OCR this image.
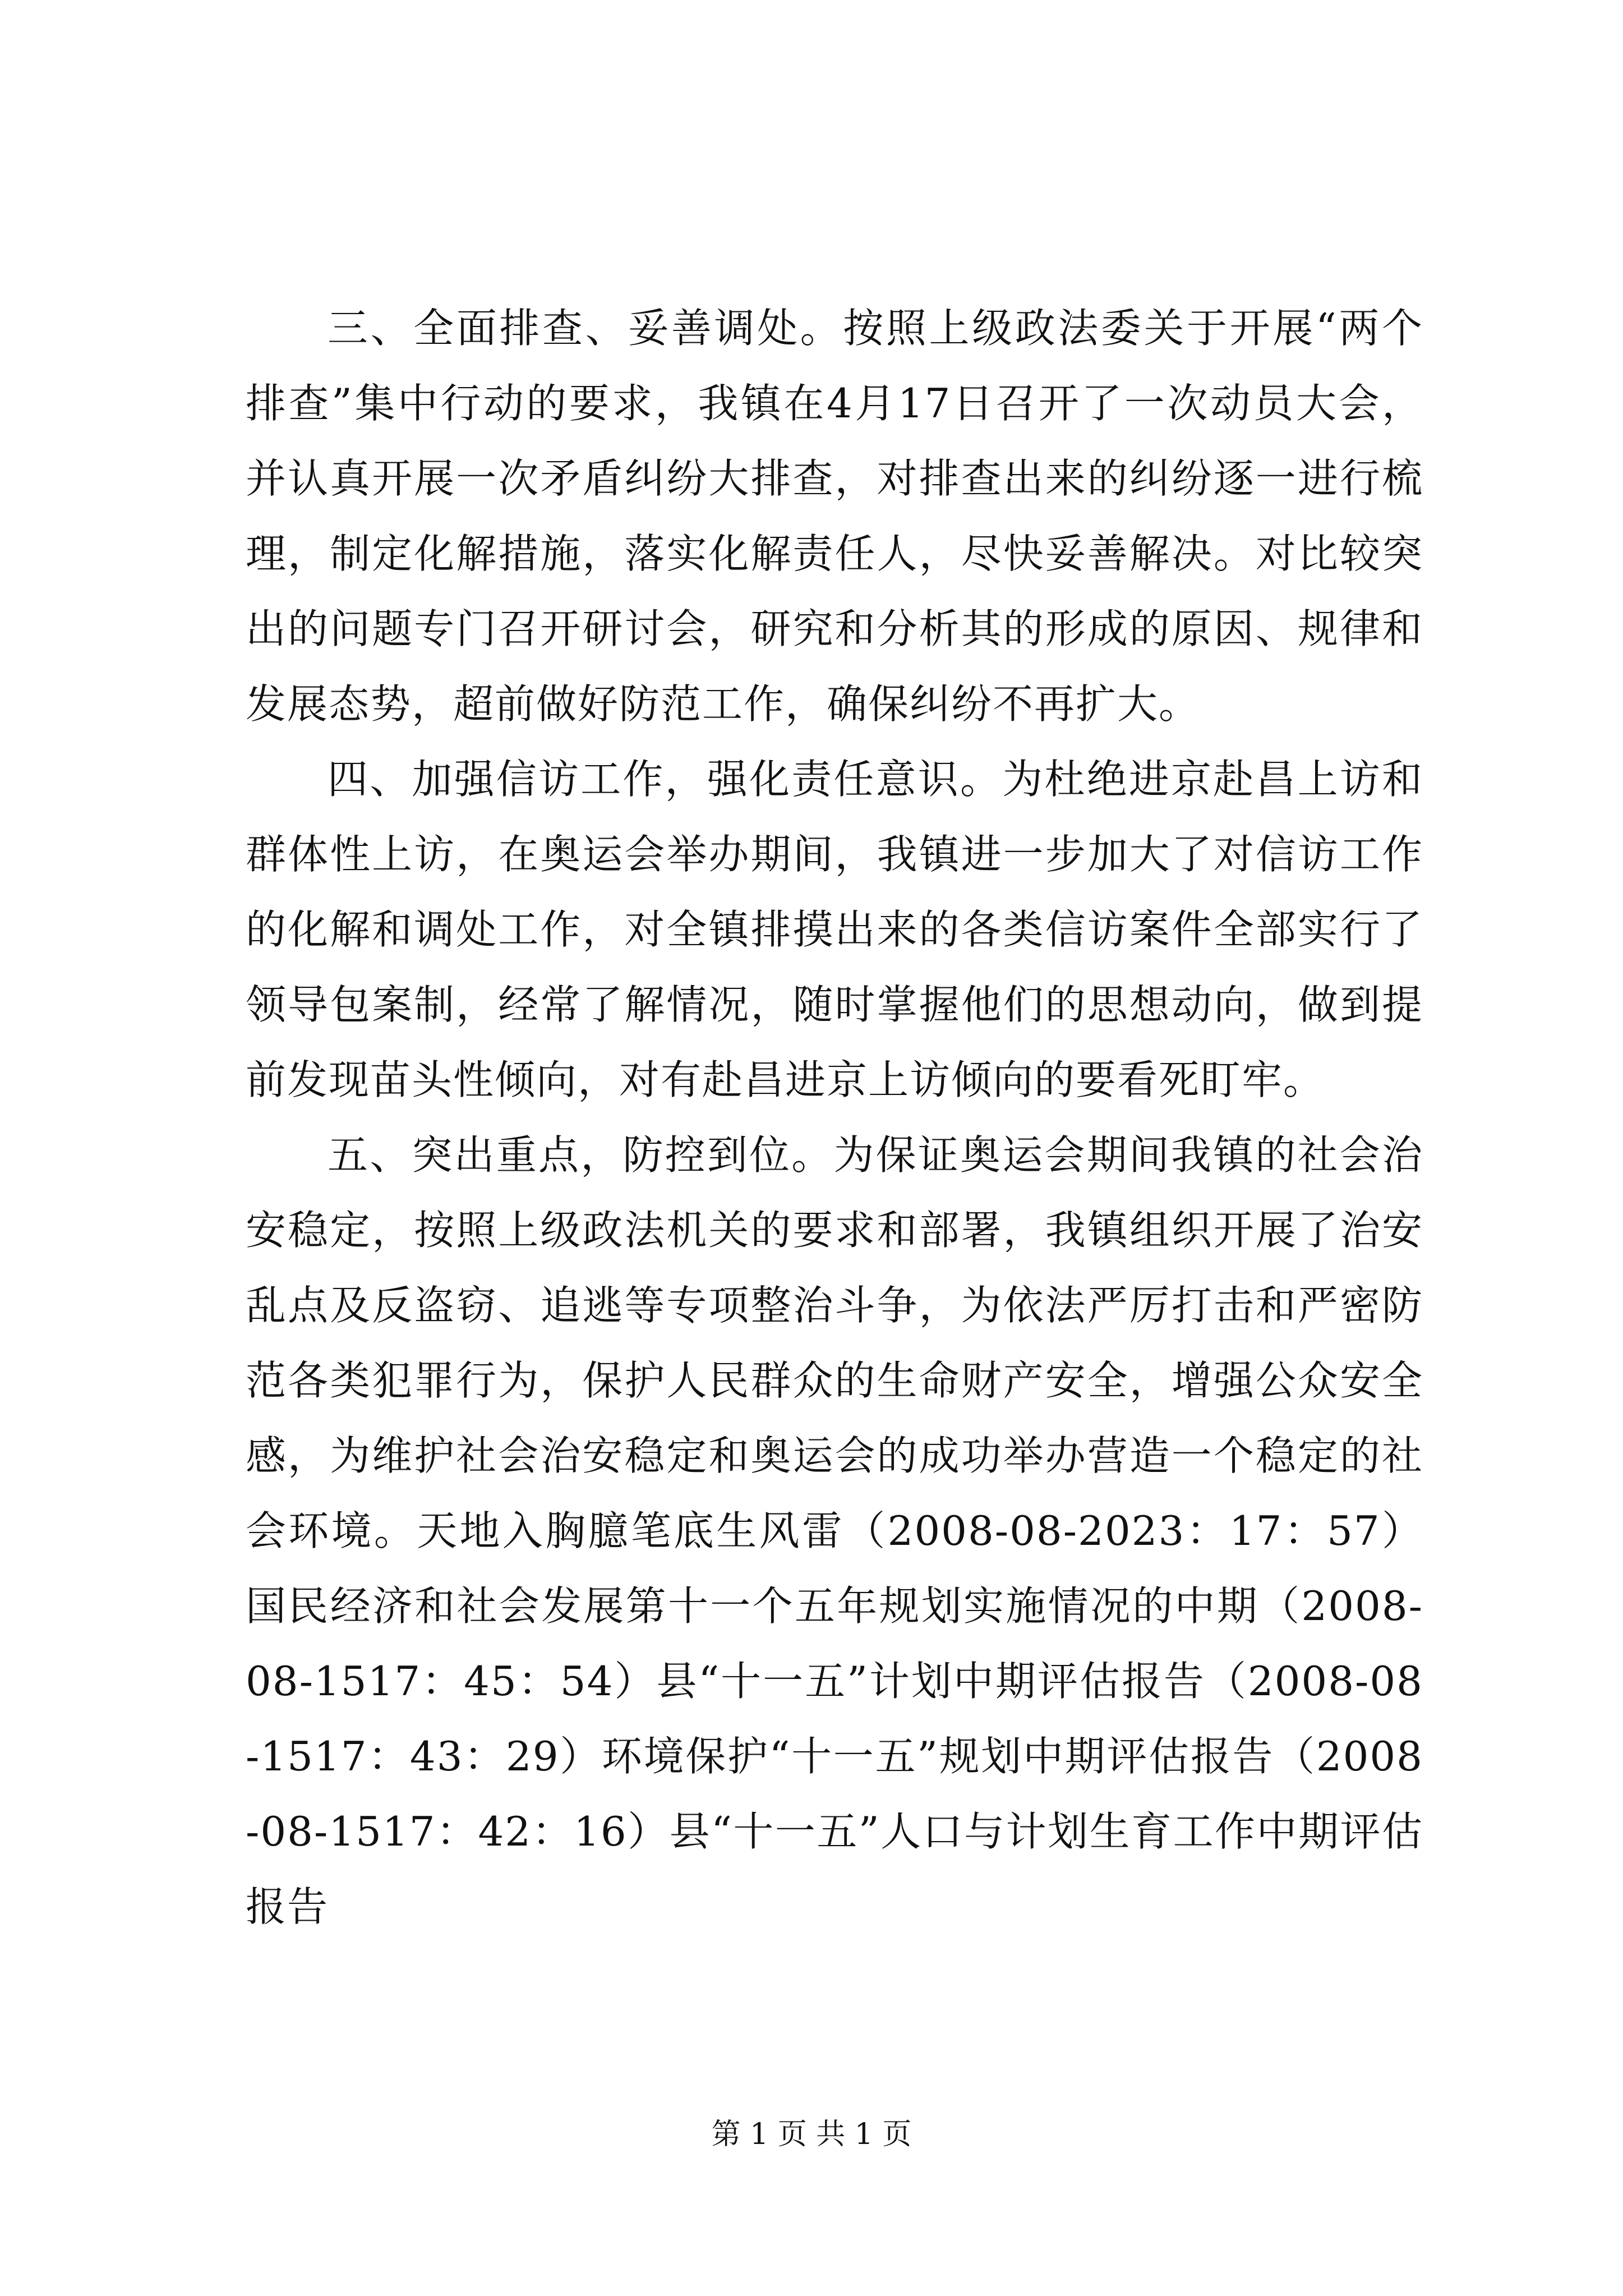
三、全面排查、妥善调处。按照上级政法委关于开展“两个排查”集中行动的要求，我镇在4月17日召开了一次动员大会，并认真开展一次矛盾纠纷大排查，对排查出来的纠纷逐一进行梳理，制定化解措施，落实化解责任人，尽快妥善解决。对比较突出的问题专门召开研讨会，研究和分析其的形成的原因、规律和发展态势，超前做好防范工作，确保纠纷不再扩大。

四、加强信访工作，强化责任意识。为杜绝进京赴昌上访和群体性上访，在奥运会举办期间，我镇进一步加大了对信访工作的化解和调处工作，对全镇排摸出来的各类信访案件全部实行了领导包案制，经常了解情况，随时掌握他们的思想动向，做到提前发现苗头性倾向，对有赴昌进京上访倾向的要看死盯牢。

五、突出重点，防控到位。为保证奥运会期间我镇的社会治安稳定，按照上级政法机关的要求和部署，我镇组织开展了治安乱点及反盗窃、追逃等专项整治斗争，为依法严厉打击和严密防范各类犯罪行为，保护人民群众的生命财产安全，增强公众安全感，为维护社会治安稳定和奥运会的成功举办营造一个稳定的社会环境。天地入胸臆笔底生风雷（2008-08-2023：17：57）国民经济和社会发展第十一个五年规划实施情况的中期（2008-08-1517：45：54）县“十一五”计划中期评估报告（2008-08-1517：43：29）环境保护“十一五”规划中期评估报告（2008-08-1517：42：16）县“十一五”人口与计划生育工作中期评估报告

第 1 页 共 1 页
